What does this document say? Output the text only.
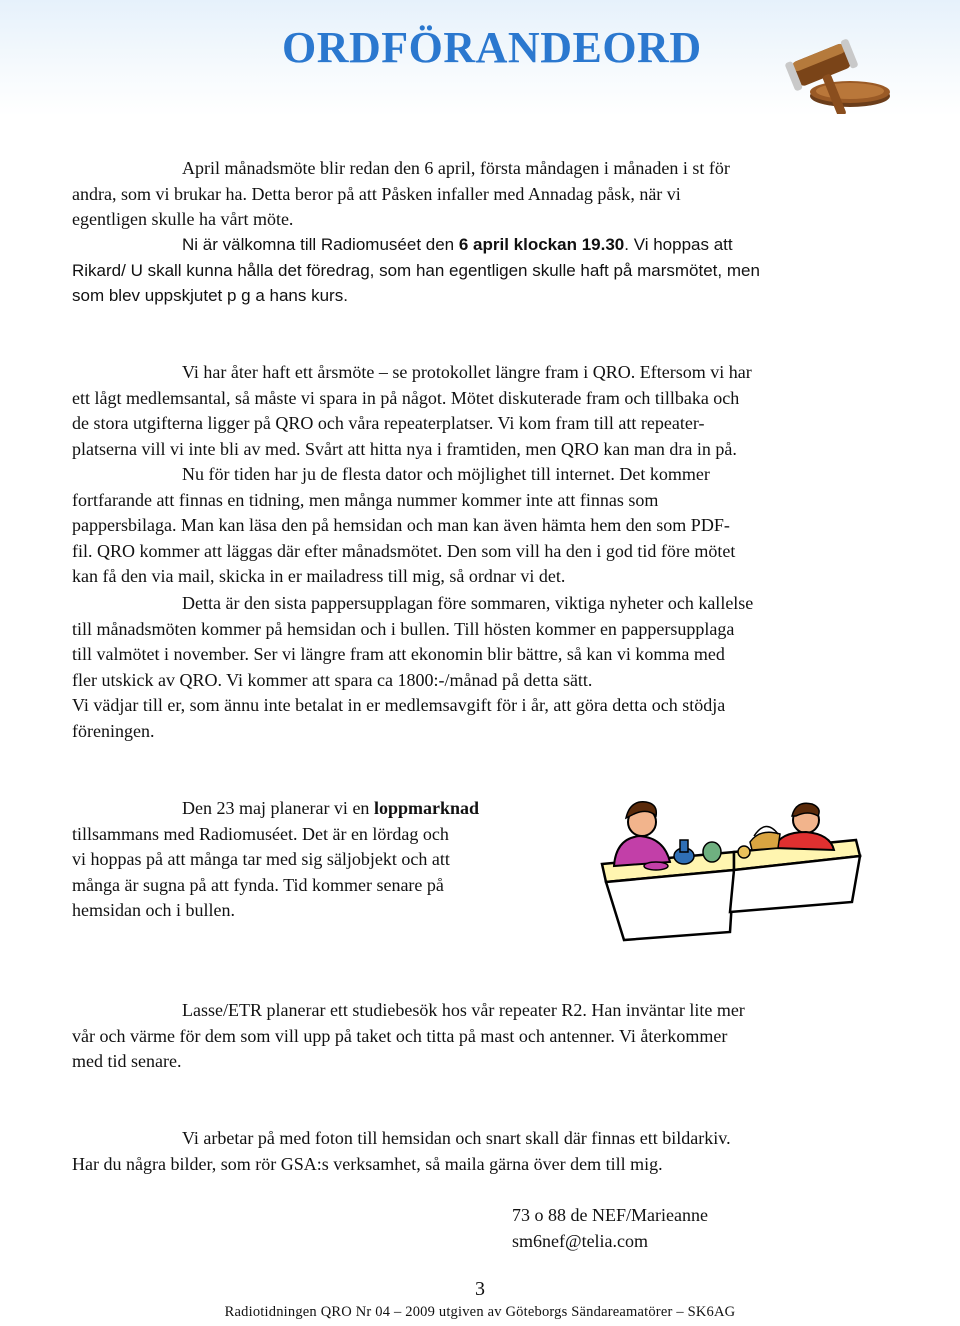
ORDFÖRANDEORD

April månadsmöte blir redan den 6 april, första måndagen i månaden i st för
andra, som vi brukar ha. Detta beror på att Påsken infaller med Annadag påsk, när vi
egentligen skulle ha vårt möte.

Ni är välkomna till Radiomuséet den 6 april klockan 19.30. Vi hoppas att
Rikard/ U skall kunna hålla det föredrag, som han egentligen skulle haft på marsmötet, men
som blev uppskjutet p g a hans kurs.

Vi har åter haft ett årsmöte – se protokollet längre fram i QRO. Eftersom vi har
ett lågt medlemsantal, så måste vi spara in på något. Mötet diskuterade fram och tillbaka och
de stora utgifterna ligger på QRO och våra repeaterplatser. Vi kom fram till att repeater-
platserna vill vi inte bli av med. Svårt att hitta nya i framtiden, men QRO kan man dra in på.

Nu för tiden har ju de flesta dator och möjlighet till internet. Det kommer
fortfarande att finnas en tidning, men många nummer kommer inte att finnas som
pappersbilaga. Man kan läsa den på hemsidan och man kan även hämta hem den som PDF-
fil. QRO kommer att läggas där efter månadsmötet. Den som vill ha den i god tid före mötet
kan få den via mail, skicka in er mailadress till mig, så ordnar vi det.

Detta är den sista pappersupplagan före sommaren, viktiga nyheter och kallelse
till månadsmöten kommer på hemsidan och i bullen. Till hösten kommer en pappersupplaga
till valmötet i november. Ser vi längre fram att ekonomin blir bättre, så kan vi komma med
fler utskick av QRO. Vi kommer att spara ca 1800:-/månad på detta sätt.
Vi vädjar till er, som ännu inte betalat in er medlemsavgift för i år, att göra detta och stödja
föreningen.

Den 23 maj planerar vi en loppmarknad
tillsammans med Radiomuséet. Det är en lördag och
vi hoppas på att många tar med sig säljobjekt och att
många är sugna på att fynda. Tid kommer senare på
hemsidan och i bullen.

Lasse/ETR planerar ett studiebesök hos vår repeater R2. Han inväntar lite mer
vår och värme för dem som vill upp på taket och titta på mast och antenner. Vi återkommer
med tid senare.

Vi arbetar på med foton till hemsidan och snart skall där finnas ett bildarkiv.
Har du några bilder, som rör GSA:s verksamhet, så maila gärna över dem till mig.

73 o 88 de NEF/Marieanne
sm6nef@telia.com
3
Radiotidningen QRO Nr 04 – 2009 utgiven av Göteborgs Sändareamatörer – SK6AG
